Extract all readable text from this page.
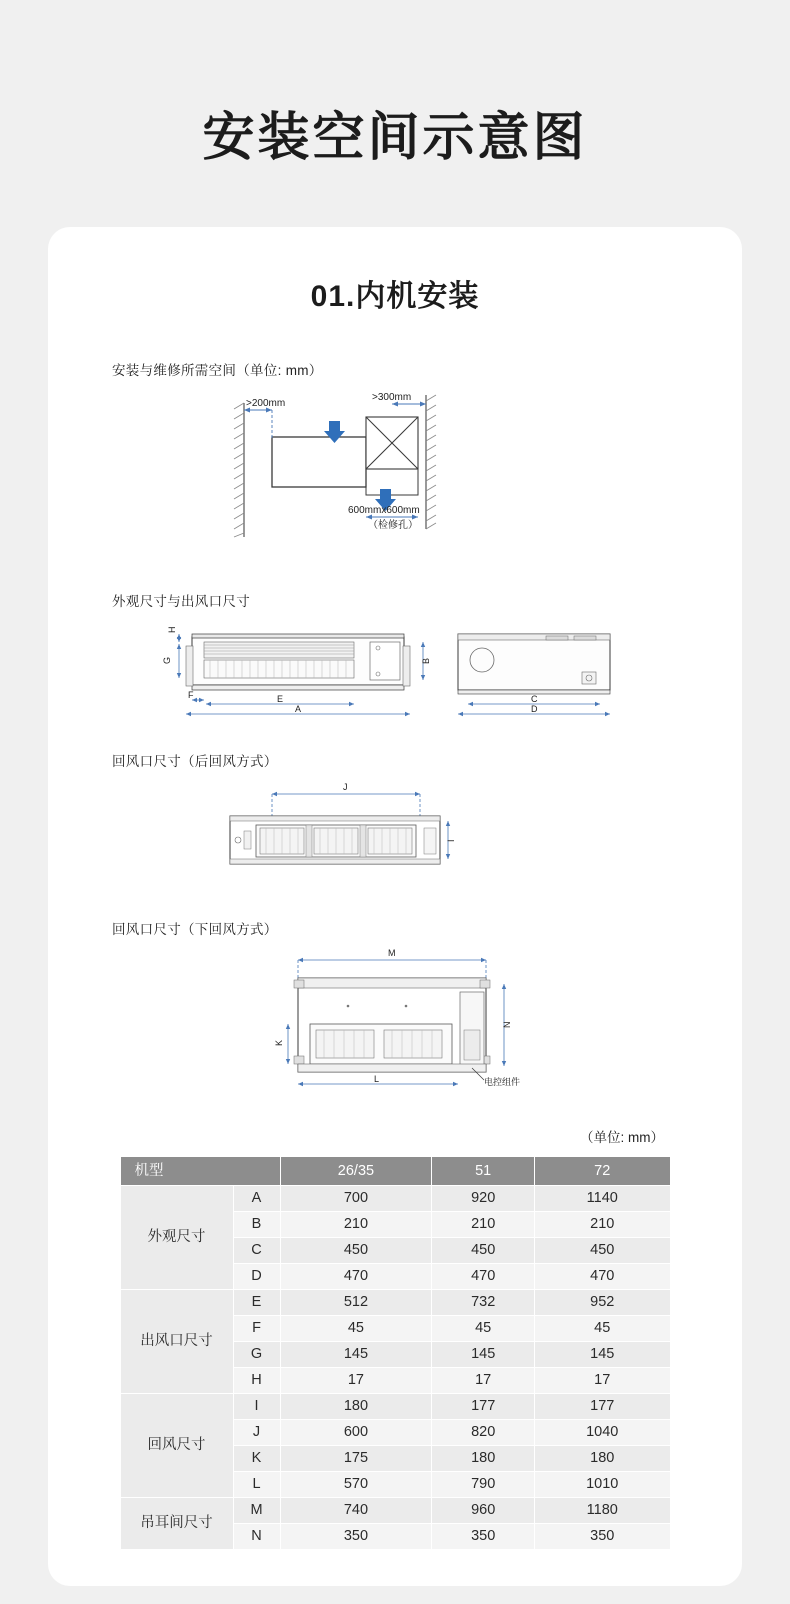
安装空间示意图
01.内机安装
安装与维修所需空间（单位: mm）
>200mm
>300mm
600mmx600mm
（检修孔）
外观尺寸与出风口尺寸
H
G
F	E
A
B
C
D
回风口尺寸（后回风方式）
J
I
回风口尺寸（下回风方式）
M
N
K
L	电控组件
（单位: mm）
机型		26/35	51	72
外观尺寸	A	700	920	1140
	B	210	210	210
	C	450	450	450
	D	470	470	470
出风口尺寸	E	512	732	952
	F	45	45	45
	G	145	145	145
	H	17	17	17
回风尺寸	I	180	177	177
	J	600	820	1040
	K	175	180	180
	L	570	790	1010
吊耳间尺寸	M	740	960	1180
	N	350	350	350
